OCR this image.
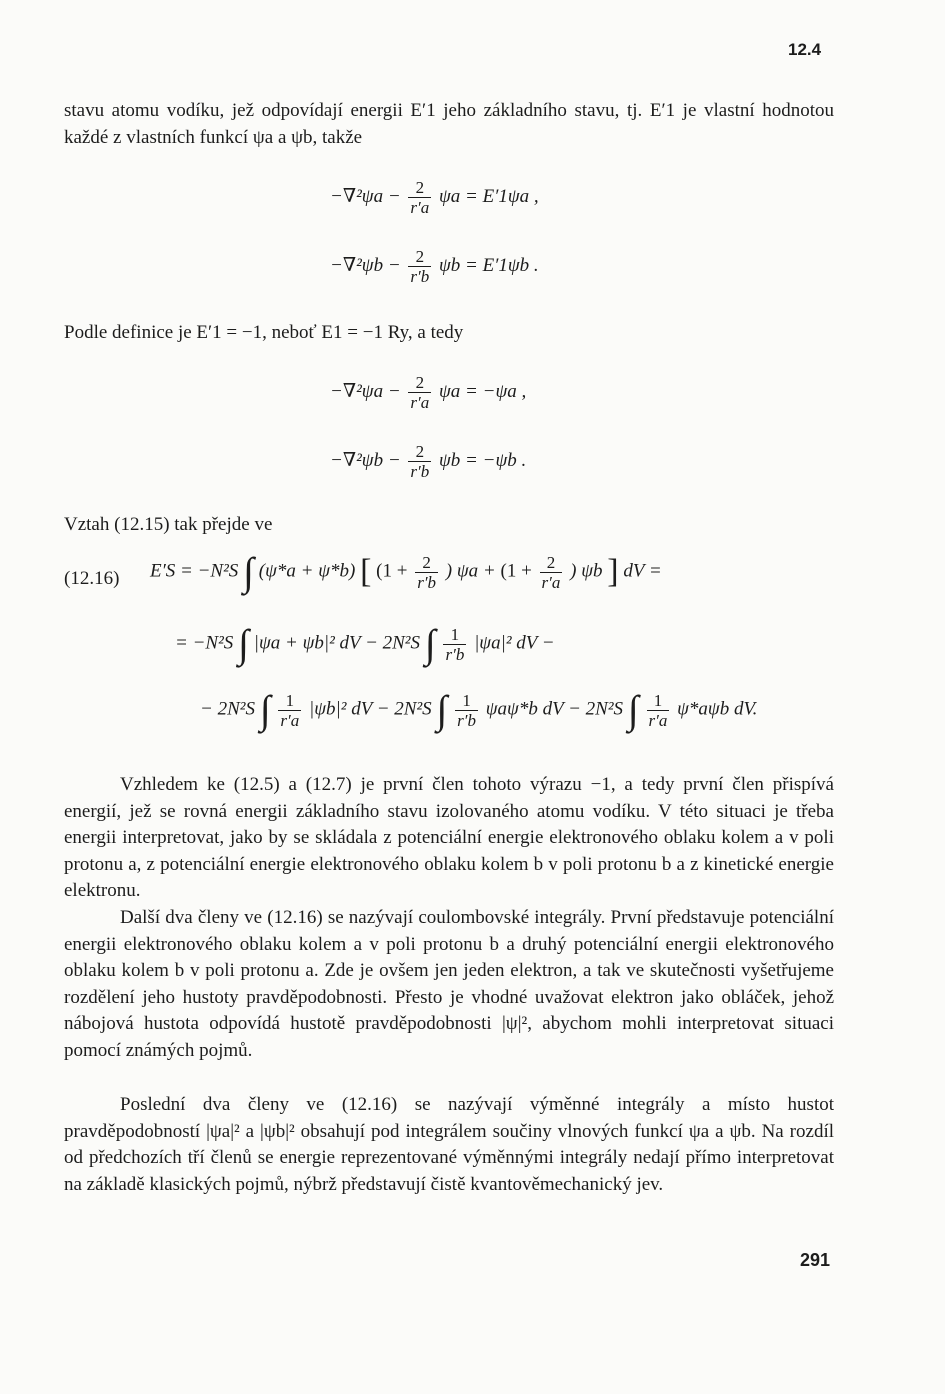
12.4

stavu atomu vodíku, jež odpovídají energii E′1 jeho základního stavu, tj. E′1 je vlastní hodnotou každé z vlastních funkcí ψa a ψb, takže

$-\nabla^2\psi a - \frac{2}{r'a}$ ψa = E′1ψa ,
$-\nabla^2\psi b - \frac{2}{r'b}$ ψb = E′1ψb .

Podle definice je E′1 = −1, neboť E1 = −1 Ry, a tedy

$-\nabla^2\psi a - \frac{2}{r'a}$ ψa = −ψa ,
$-\nabla^2\psi b - \frac{2}{r'b}$ ψb = −ψb .

Vztah (12.15) tak přejde ve

(12.16) E′S = −N²S ∫ (ψ*a + ψ*b) [ ($1 + \frac{2}{r'b}$ ) $\psi a + (1 + \frac{2}{r'a}$ ) ψb ] dV =
= −N²S ∫ |ψa + ψb|² dV − 2N²S ∫ $\frac{1}{r'b} |\psi a|^2$ dV −
− 2N²S ∫ $\frac{1}{r'a} |\psi b|^2$ dV − 2N²S ∫ $\frac{1}{r'b} \psi a\psi*b$ dV − 2N²S ∫ $\frac{1}{r'a} \psi*a\psi b$ dV.

Vzhledem ke (12.5) a (12.7) je první člen tohoto výrazu −1, a tedy první člen přispívá energií, jež se rovná energii základního stavu izolovaného atomu vodíku. V této situaci je třeba energii interpretovat, jako by se skládala z potenciální energie elektronového oblaku kolem a v poli protonu a, z potenciální energie elektronového oblaku kolem b v poli protonu b a z kinetické energie elektronu.

Další dva členy ve (12.16) se nazývají coulombovské integrály. První představuje potenciální energii elektronového oblaku kolem a v poli protonu b a druhý potenciální energii elektronového oblaku kolem b v poli protonu a. Zde je ovšem jen jeden elektron, a tak ve skutečnosti vyšetřujeme rozdělení jeho hustoty pravděpodobnosti. Přesto je vhodné uvažovat elektron jako obláček, jehož nábojová hustota odpovídá hustotě pravděpodobnosti |ψ|², abychom mohli interpretovat situaci pomocí známých pojmů.

Poslední dva členy ve (12.16) se nazývají výměnné integrály a místo hustot pravděpodobností |ψa|² a |ψb|² obsahují pod integrálem součiny vlnových funkcí ψa a ψb. Na rozdíl od předchozích tří členů se energie reprezentované výměnnými integrály nedají přímo interpretovat na základě klasických pojmů, nýbrž představují čistě kvantověmechanický jev.

291
